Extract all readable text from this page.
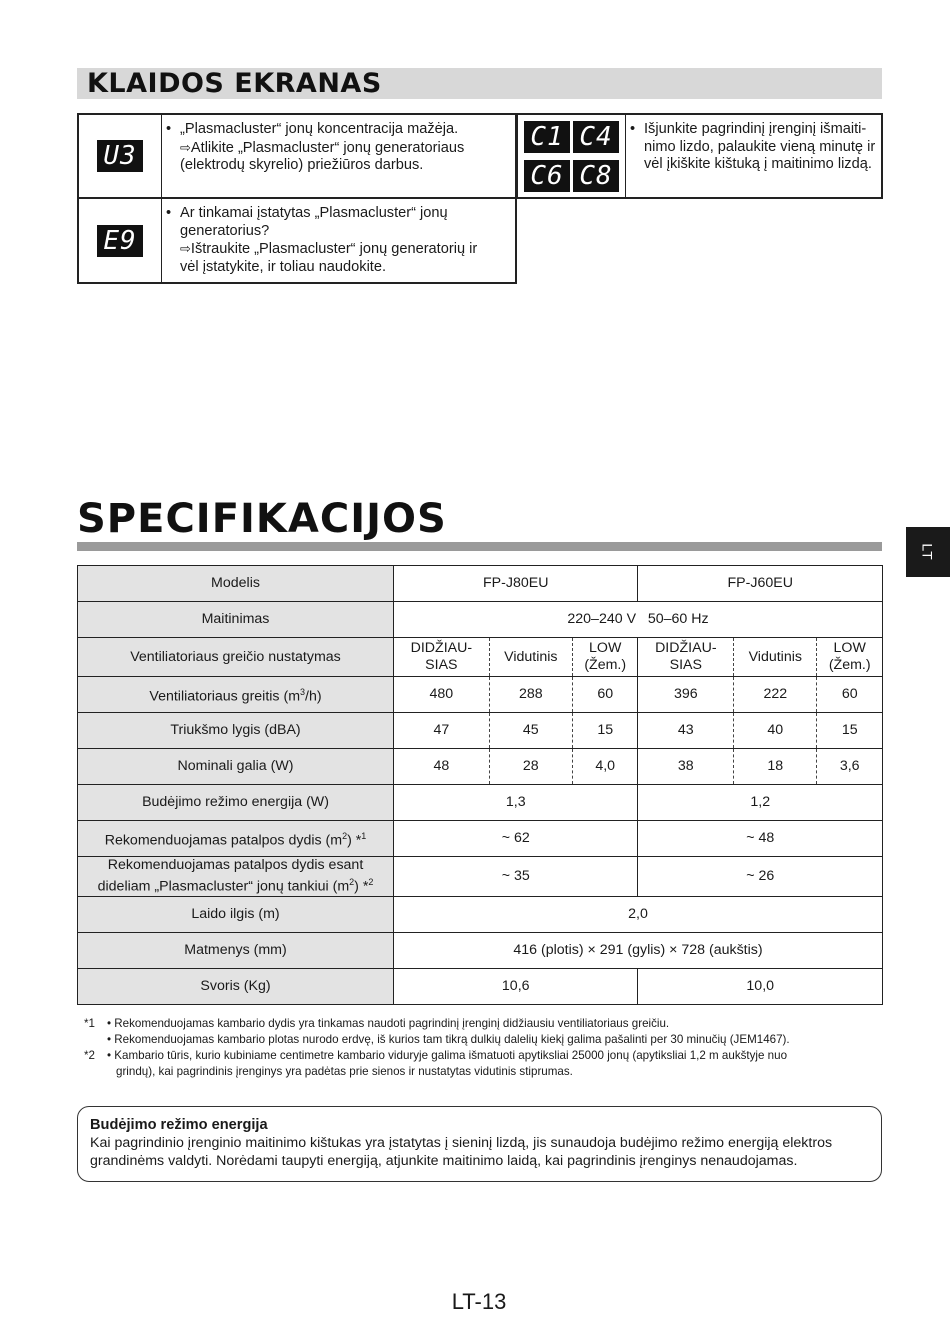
KLAIDOS EKRANAS
U3

• „Plasmacluster“ jonų koncentracija mažėja.

⇨Atlikite „Plasmacluster“ jonų generatoriaus

(elektrodų skyrelio) priežiūros darbus.

E9

• Ar tinkamai įstatytas „Plasmacluster“ jonų

generatorius?

⇨Ištraukite „Plasmacluster“ jonų generatorių ir

vėl įstatykite, ir toliau naudokite.

C1 C4
C6 C8

• Išjunkite pagrindinį įrenginį išmaiti-

nimo lizdo, palaukite vieną minutę ir

vėl įkiškite kištuką į maitinimo lizdą.

LT
SPECIFIKACIJOS
Modelis	FP-J80EU			FP-J60EU		
Maitinimas	220–240 V   50–60 Hz					
Ventiliatoriaus greičio nustatymas	DIDŽIAU-
SIAS	Vidutinis	LOW
(Žem.)	DIDŽIAU-
SIAS	Vidutinis	LOW
(Žem.)
Ventiliatoriaus greitis $(m^3/h)$	480	288	60	396	222	60
Triukšmo lygis (dBA)	47	45	15	43	40	15
Nominali galia (W)	48	28	4,0	38	18	3,6
Budėjimo režimo energija (W)	1,3			1,2		
Rekomenduojamas patalpos dydis $(m^2)$ *$^1$	~ 62			~ 48		
Rekomenduojamas patalpos dydis esant
dideliam „Plasmacluster“ jonų tankiui $(m^2)$ *$^2$	~ 35			~ 26		
Laido ilgis (m)	2,0					
Matmenys (mm)	416 (plotis) × 291 (gylis) × 728 (aukštis)					
Svoris (Kg)	10,6			10,0		
*1	• Rekomenduojamas kambario dydis yra tinkamas naudoti pagrindinį įrenginį didžiausiu ventiliatoriaus greičiu.
• Rekomenduojamas kambario plotas nurodo erdvę, iš kurios tam tikrą dulkių dalelių kiekį galima pašalinti per 30 minučių (JEM1467).
*2	• Kambario tūris, kurio kubiniame centimetre kambario viduryje galima išmatuoti apytiksliai 25000 jonų (apytiksliai 1,2 m aukštyje nuo
grindų), kai pagrindinis įrenginys yra padėtas prie sienos ir nustatytas vidutinis stiprumas.
Budėjimo režimo energija

Kai pagrindinio įrenginio maitinimo kištukas yra įstatytas į sieninį lizdą, jis sunaudoja budėjimo režimo energiją elektros

grandinėms valdyti. Norėdami taupyti energiją, atjunkite maitinimo laidą, kai pagrindinis įrenginys nenaudojamas.

LT-13
